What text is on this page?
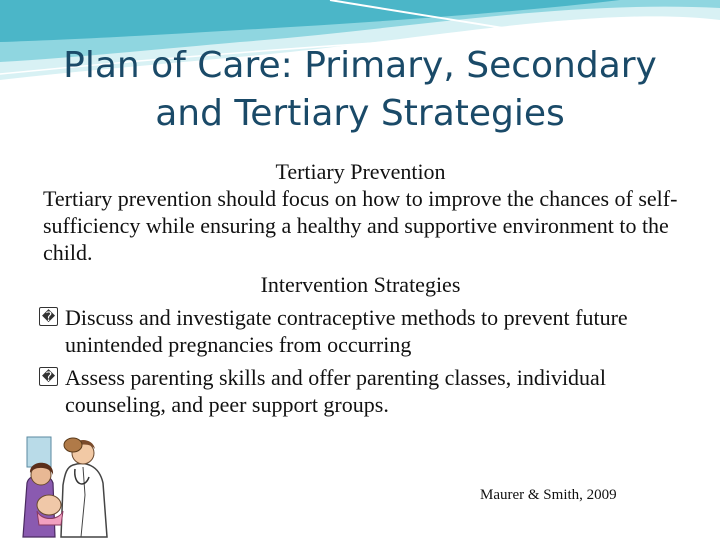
Plan of Care: Primary, Secondary
and Tertiary Strategies
Tertiary Prevention

Tertiary prevention should focus on how to improve the chances of self- sufficiency while ensuring a healthy and supportive environment to the child.

Intervention Strategies
� Discuss and investigate contraceptive methods to prevent future unintended pregnancies from occurring
� Assess parenting skills and offer parenting classes, individual counseling, and peer support groups.
Maurer & Smith, 2009
